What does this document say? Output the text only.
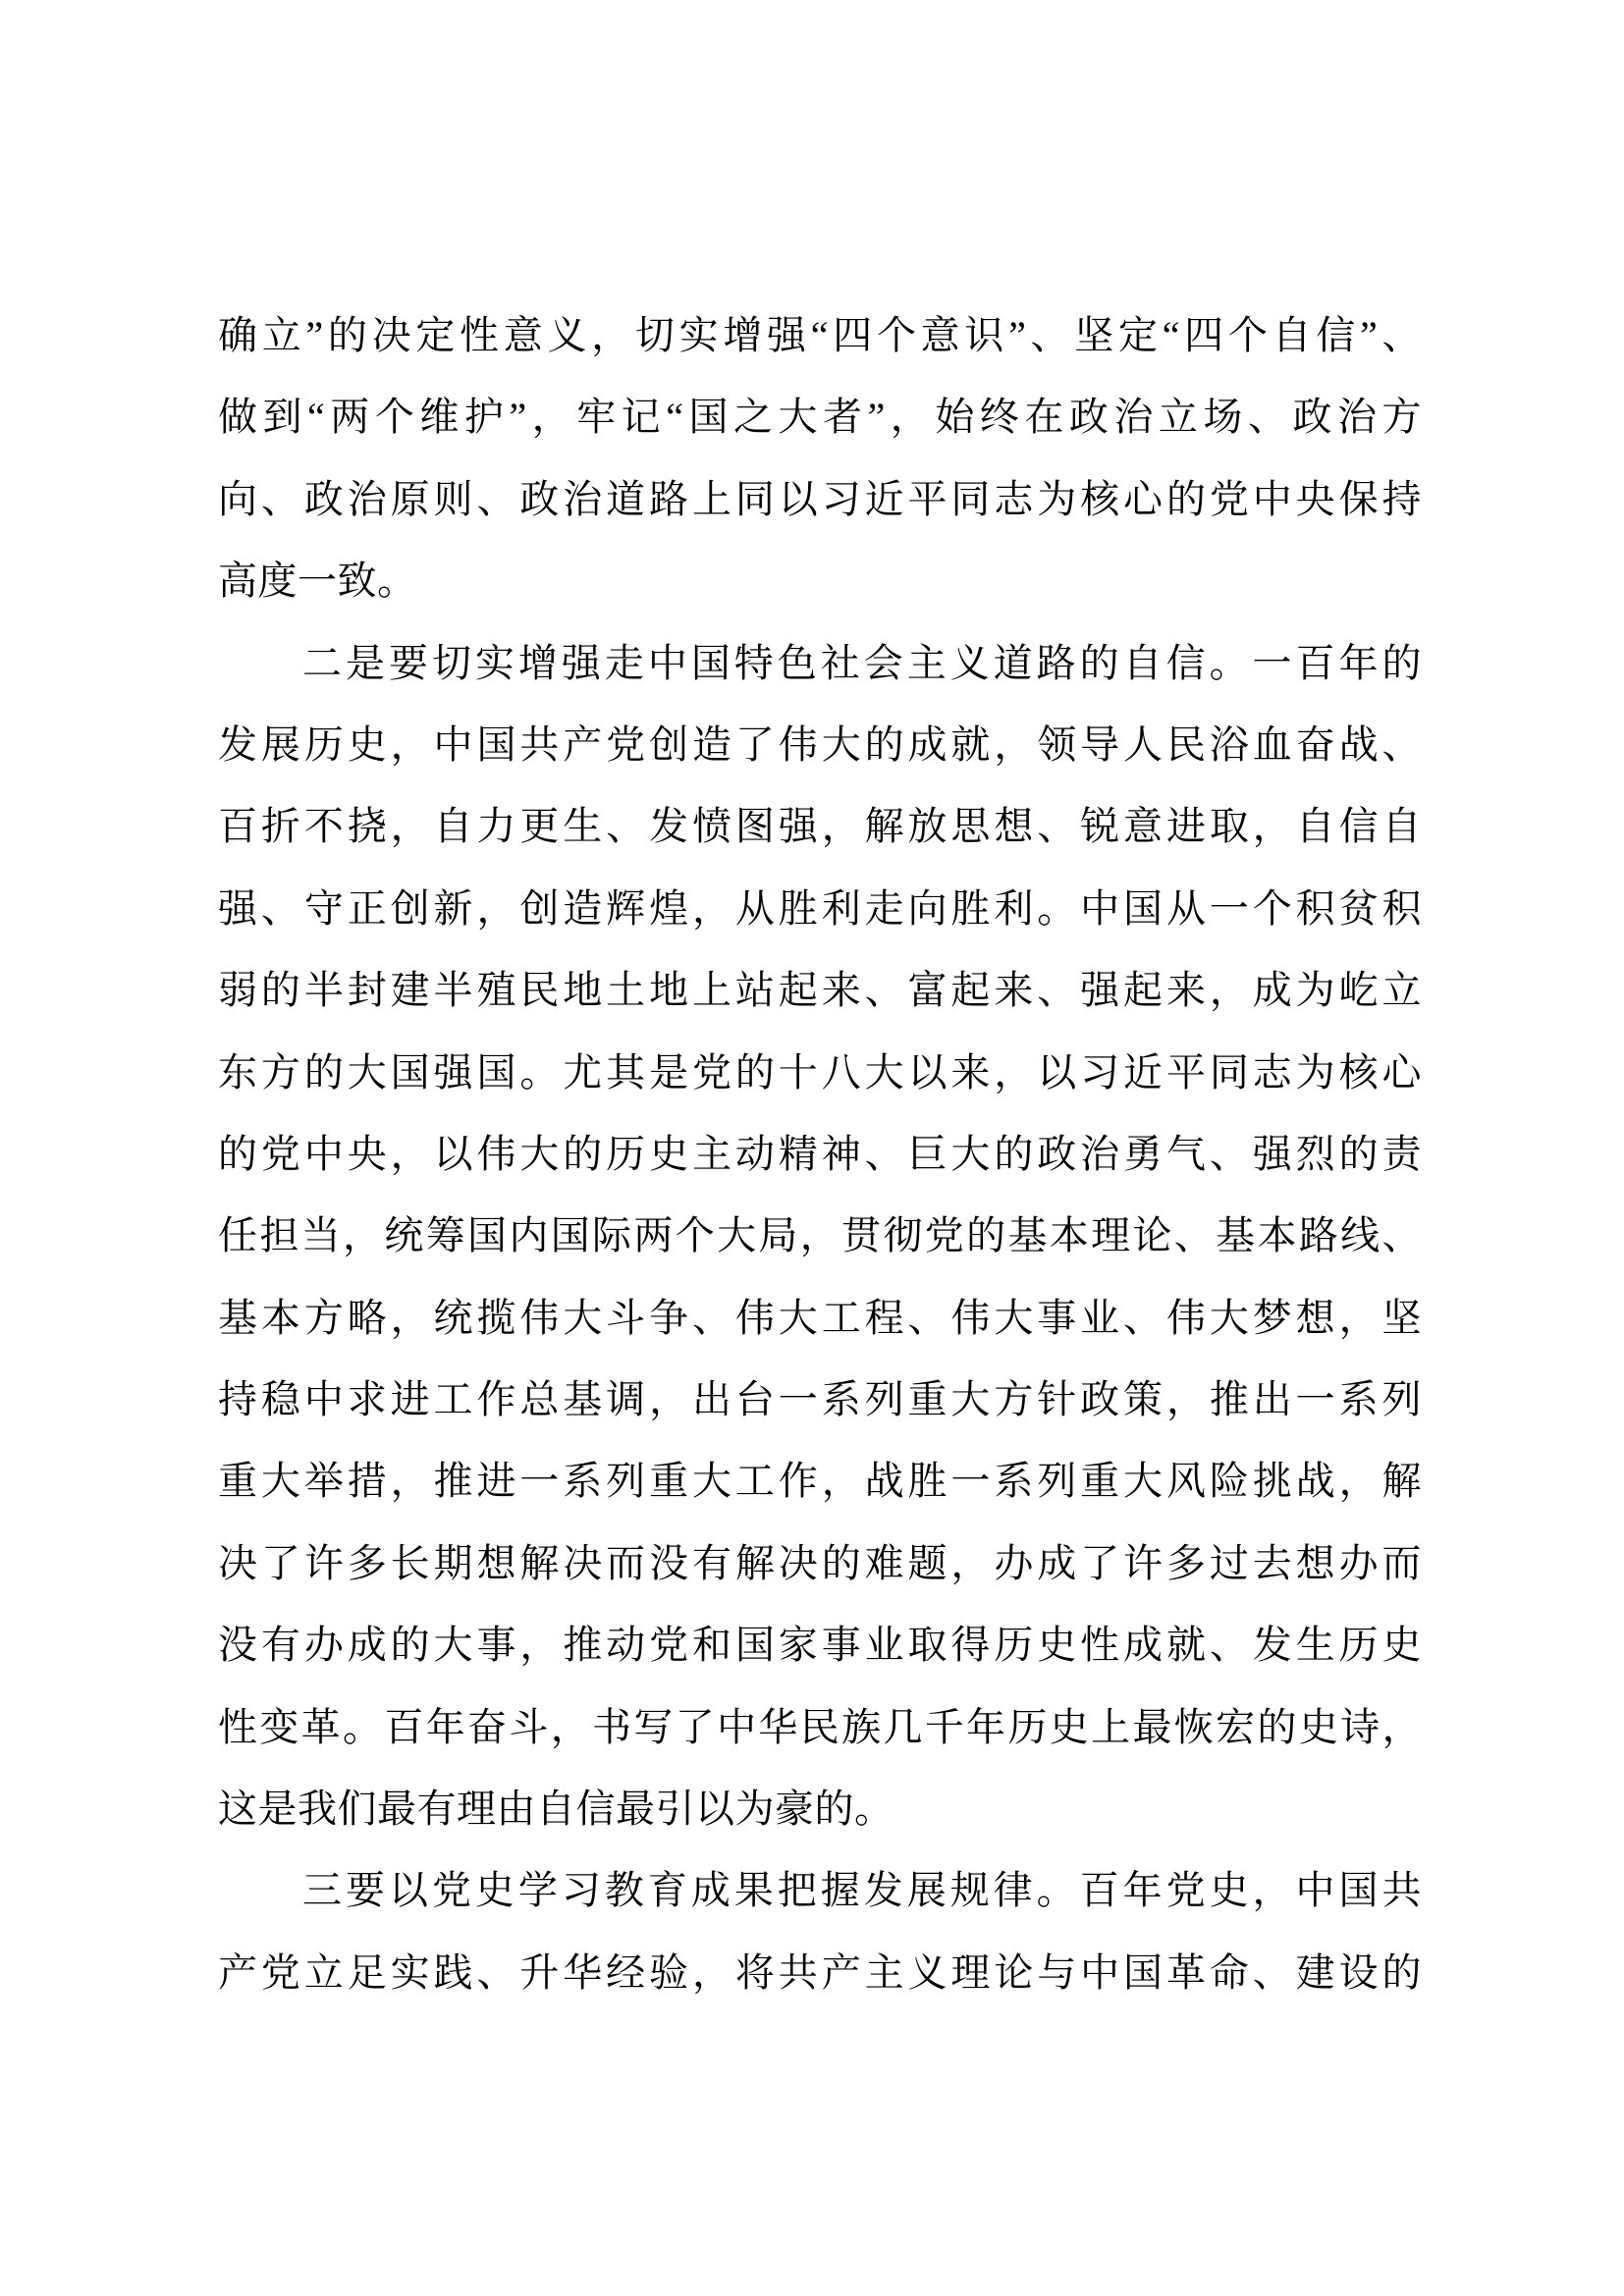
确立”的决定性意义，切实增强“四个意识”、坚定“四个自信”、
做到“两个维护”，牢记“国之大者”，始终在政治立场、政治方
向、政治原则、政治道路上同以习近平同志为核心的党中央保持
高度一致。
二是要切实增强走中国特色社会主义道路的自信。一百年的
发展历史，中国共产党创造了伟大的成就，领导人民浴血奋战、
百折不挠，自力更生、发愤图强，解放思想、锐意进取，自信自
强、守正创新，创造辉煌，从胜利走向胜利。中国从一个积贫积
弱的半封建半殖民地土地上站起来、富起来、强起来，成为屹立
东方的大国强国。尤其是党的十八大以来，以习近平同志为核心
的党中央，以伟大的历史主动精神、巨大的政治勇气、强烈的责
任担当，统筹国内国际两个大局，贯彻党的基本理论、基本路线、
基本方略，统揽伟大斗争、伟大工程、伟大事业、伟大梦想，坚
持稳中求进工作总基调，出台一系列重大方针政策，推出一系列
重大举措，推进一系列重大工作，战胜一系列重大风险挑战，解
决了许多长期想解决而没有解决的难题，办成了许多过去想办而
没有办成的大事，推动党和国家事业取得历史性成就、发生历史
性变革。百年奋斗，书写了中华民族几千年历史上最恢宏的史诗，
这是我们最有理由自信最引以为豪的。
三要以党史学习教育成果把握发展规律。百年党史，中国共
产党立足实践、升华经验，将共产主义理论与中国革命、建设的
